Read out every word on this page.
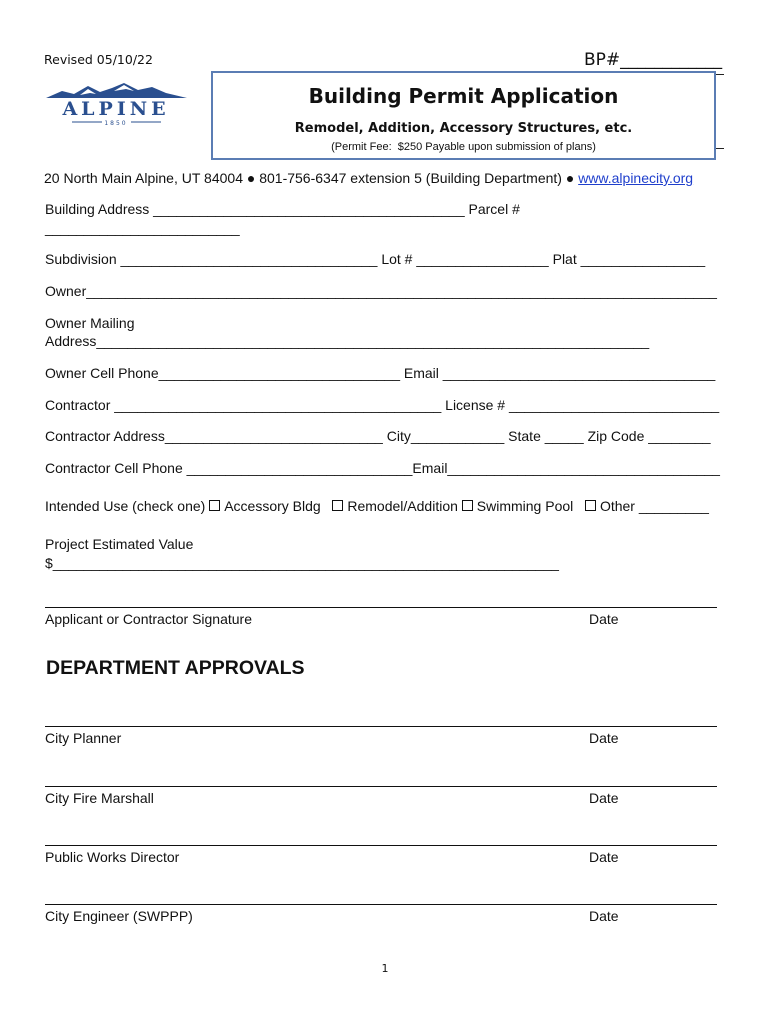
Revised 05/10/22	BP#____________
ALPINE
1850
Building Permit Application
Remodel, Addition, Accessory Structures, etc.
(Permit Fee:  $250 Payable upon submission of plans)
20 North Main Alpine, UT 84004 ● 801-756-6347 extension 5 (Building Department) ● www.alpinecity.org
Building Address ________________________________________ Parcel #
_________________________
Subdivision _________________________________ Lot # _________________ Plat ________________
Owner_________________________________________________________________________________
Owner Mailing
Address_______________________________________________________________________
Owner Cell Phone_______________________________ Email ___________________________________
Contractor __________________________________________ License # ___________________________
Contractor Address____________________________ City____________ State _____ Zip Code ________
Contractor Cell Phone _____________________________Email___________________________________
Intended Use (check one) Accessory Bldg Remodel/Addition Swimming Pool Other _________
Project Estimated Value
$_________________________________________________________________
Applicant or Contractor Signature	Date
DEPARTMENT APPROVALS
City Planner	Date
City Fire Marshall	Date
Public Works Director	Date
City Engineer (SWPPP)	Date
1
